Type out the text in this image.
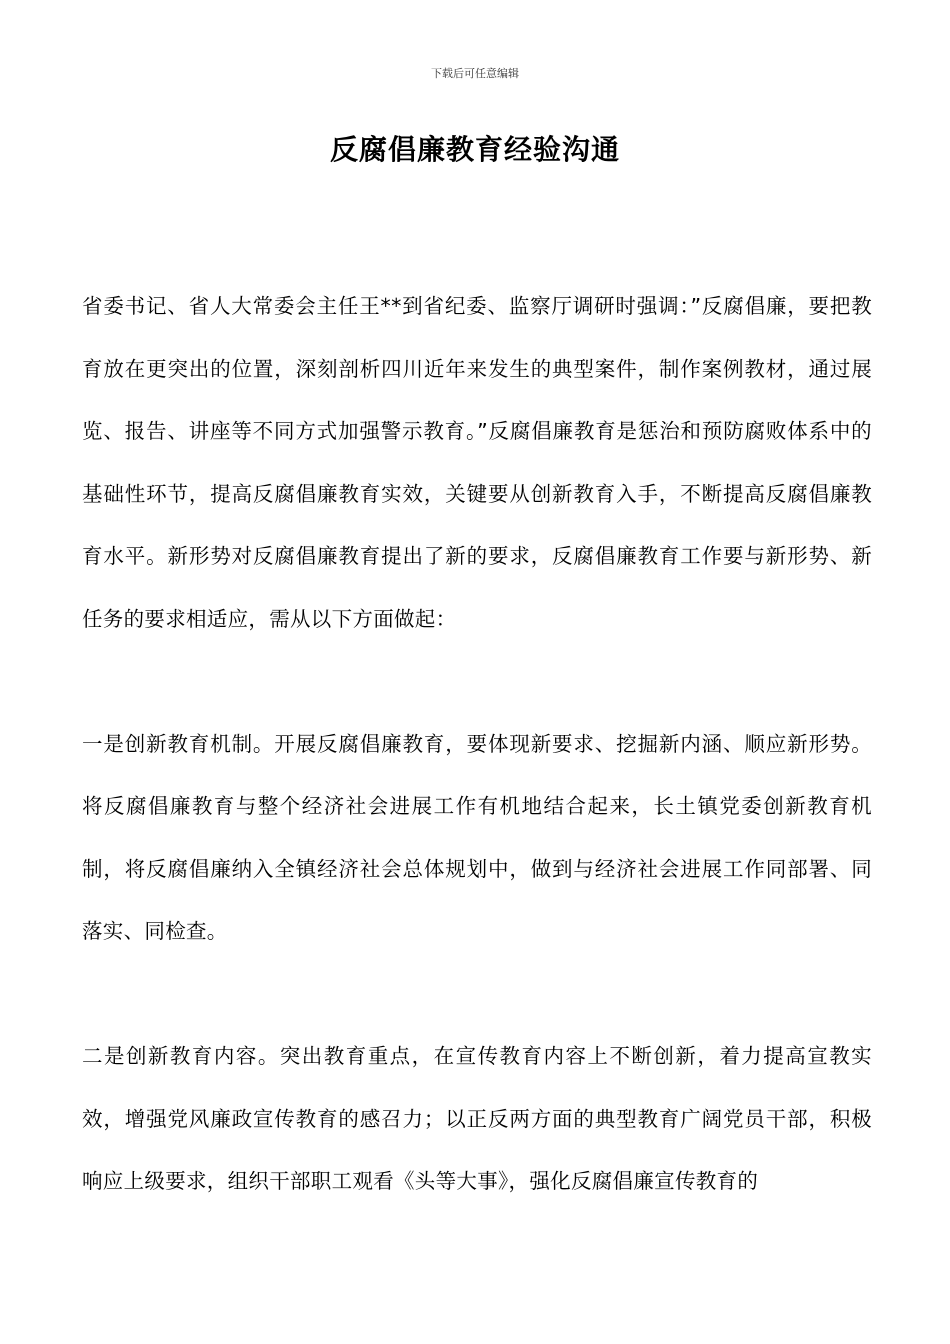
下载后可任意编辑
反腐倡廉教育经验沟通

省委书记、省人大常委会主任王**到省纪委、监察厅调研时强调：”反腐倡廉，要把教育放在更突出的位置，深刻剖析四川近年来发生的典型案件，制作案例教材，通过展览、报告、讲座等不同方式加强警示教育。”反腐倡廉教育是惩治和预防腐败体系中的基础性环节，提高反腐倡廉教育实效，关键要从创新教育入手，不断提高反腐倡廉教育水平。新形势对反腐倡廉教育提出了新的要求，反腐倡廉教育工作要与新形势、新任务的要求相适应，需从以下方面做起：

一是创新教育机制。开展反腐倡廉教育，要体现新要求、挖掘新内涵、顺应新形势。将反腐倡廉教育与整个经济社会进展工作有机地结合起来，长土镇党委创新教育机制，将反腐倡廉纳入全镇经济社会总体规划中，做到与经济社会进展工作同部署、同落实、同检查。

二是创新教育内容。突出教育重点，在宣传教育内容上不断创新，着力提高宣教实效，增强党风廉政宣传教育的感召力；以正反两方面的典型教育广阔党员干部，积极响应上级要求，组织干部职工观看《头等大事》，强化反腐倡廉宣传教育的
